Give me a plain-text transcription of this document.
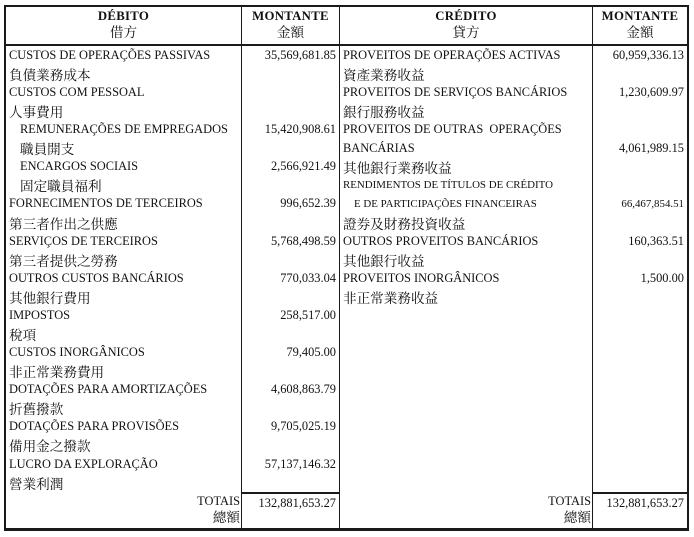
DÉBITO
借方
MONTANTE
金額
CRÉDITO
貸方
MONTANTE
金額
CUSTOS DE OPERAÇÕES PASSIVAS
負債業務成本
CUSTOS COM PESSOAL
人事費用
REMUNERAÇÕES DE EMPREGADOS
職員開支
ENCARGOS SOCIAIS
固定職員福利
FORNECIMENTOS DE TERCEIROS
第三者作出之供應
SERVIÇOS DE TERCEIROS
第三者提供之勞務
OUTROS CUSTOS BANCÁRIOS
其他銀行費用
IMPOSTOS
稅項
CUSTOS INORGÂNICOS
非正常業務費用
DOTAÇÕES PARA AMORTIZAÇÕES
折舊撥款
DOTAÇÕES PARA PROVISÕES
備用金之撥款
LUCRO DA EXPLORAÇÃO
營業利潤
35,569,681.85
15,420,908.61
2,566,921.49
996,652.39
5,768,498.59
770,033.04
258,517.00
79,405.00
4,608,863.79
9,705,025.19
57,137,146.32
PROVEITOS DE OPERAÇÕES ACTIVAS
資產業務收益
PROVEITOS DE SERVIÇOS BANCÁRIOS
銀行服務收益
PROVEITOS DE OUTRAS  OPERAÇÕES
BANCÁRIAS
其他銀行業務收益
RENDIMENTOS DE TÍTULOS DE CRÉDITO
E DE PARTICIPAÇÕES FINANCEIRAS
證券及財務投資收益
OUTROS PROVEITOS BANCÁRIOS
其他銀行收益
PROVEITOS INORGÂNICOS
非正常業務收益
60,959,336.13
1,230,609.97
4,061,989.15
66,467,854.51
160,363.51
1,500.00
TOTAIS
總額
132,881,653.27	TOTAIS
總額
132,881,653.27
